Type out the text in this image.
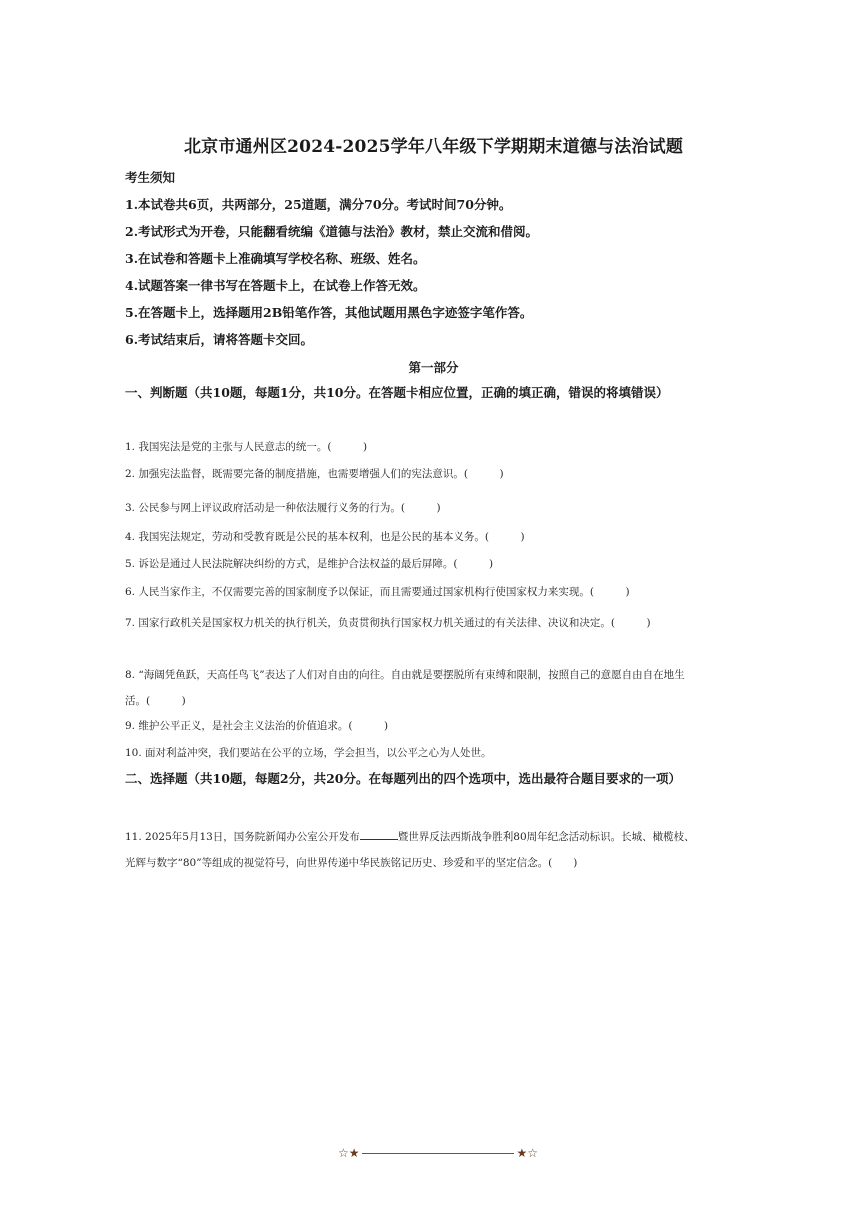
北京市通州区2024-2025学年八年级下学期期末道德与法治试题
考生须知
1.本试卷共6页，共两部分，25道题，满分70分。考试时间70分钟。
2.考试形式为开卷，只能翻看统编《道德与法治》教材，禁止交流和借阅。
3.在试卷和答题卡上准确填写学校名称、班级、姓名。
4.试题答案一律书写在答题卡上，在试卷上作答无效。
5.在答题卡上，选择题用2B铅笔作答，其他试题用黑色字迹签字笔作答。
6.考试结束后，请将答题卡交回。
第一部分
一、判断题（共10题，每题1分，共10分。在答题卡相应位置，正确的填正确，错误的将填错误）
1. 我国宪法是党的主张与人民意志的统一。(　　　)
2. 加强宪法监督，既需要完备的制度措施，也需要增强人们的宪法意识。(　　　)
3. 公民参与网上评议政府活动是一种依法履行义务的行为。(　　　)
4. 我国宪法规定，劳动和受教育既是公民的基本权利，也是公民的基本义务。(　　　)
5. 诉讼是通过人民法院解决纠纷的方式，是维护合法权益的最后屏障。(　　　)
6. 人民当家作主，不仅需要完善的国家制度予以保证，而且需要通过国家机构行使国家权力来实现。(　　　)
7. 国家行政机关是国家权力机关的执行机关，负责贯彻执行国家权力机关通过的有关法律、决议和决定。(　　　)
8. “海阔凭鱼跃，天高任鸟飞”表达了人们对自由的向往。自由就是要摆脱所有束缚和限制，按照自己的意愿自由自在地生活。(　　　)
9. 维护公平正义，是社会主义法治的价值追求。(　　　)
10. 面对利益冲突，我们要站在公平的立场，学会担当，以公平之心为人处世。
二、选择题（共10题，每题2分，共20分。在每题列出的四个选项中，选出最符合题目要求的一项）
11. 2025年5月13日，国务院新闻办公室公开发布	暨世界反法西斯战争胜利80周年纪念活动标识。长城、橄榄枝、光辉与数字“80”等组成的视觉符号，向世界传递中华民族铭记历史、珍爱和平的坚定信念。(　　)
☆★	★☆
